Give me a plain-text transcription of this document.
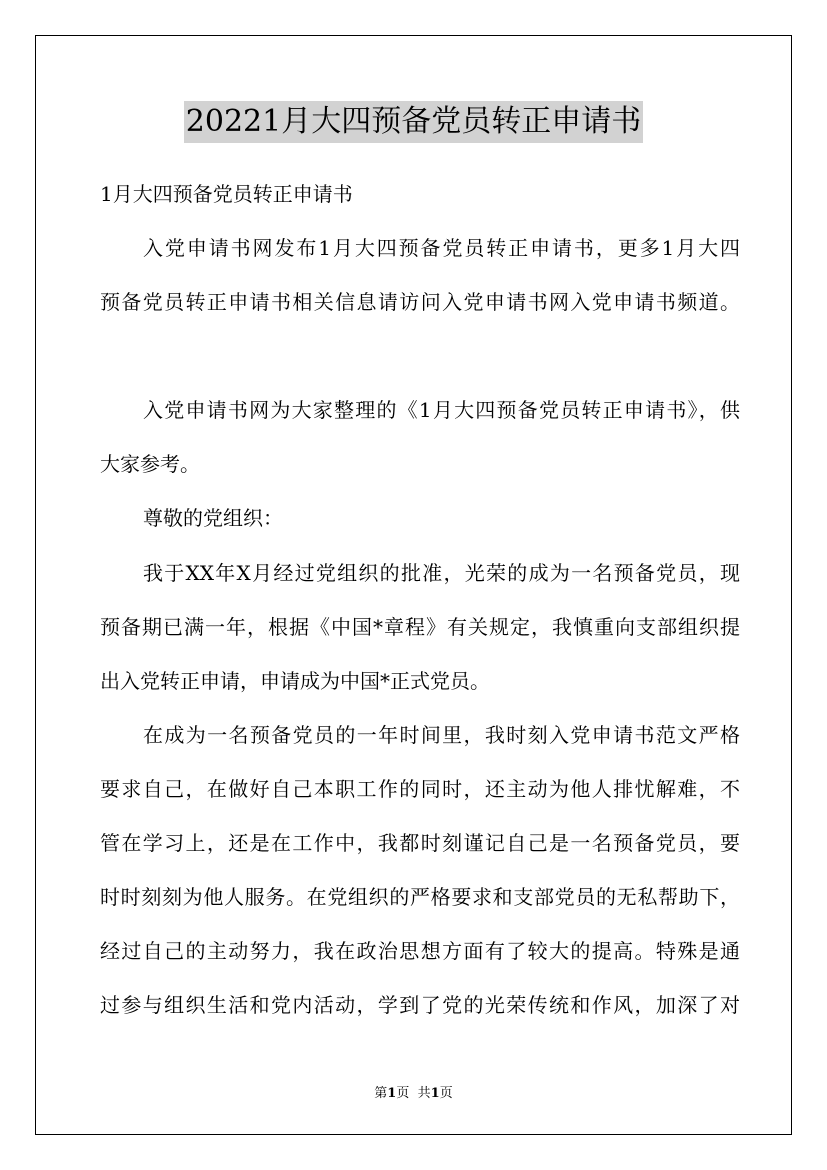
20221月大四预备党员转正申请书

1月大四预备党员转正申请书

入党申请书网发布1月大四预备党员转正申请书，更多1月大四

预备党员转正申请书相关信息请访问入党申请书网入党申请书频道。

入党申请书网为大家整理的《1月大四预备党员转正申请书》，供

大家参考。

尊敬的党组织：

我于XX年X月经过党组织的批准，光荣的成为一名预备党员，现

预备期已满一年，根据《中国*章程》有关规定，我慎重向支部组织提

出入党转正申请，申请成为中国*正式党员。

在成为一名预备党员的一年时间里，我时刻入党申请书范文严格

要求自己，在做好自己本职工作的同时，还主动为他人排忧解难，不

管在学习上，还是在工作中，我都时刻谨记自己是一名预备党员，要

时时刻刻为他人服务。在党组织的严格要求和支部党员的无私帮助下，

经过自己的主动努力，我在政治思想方面有了较大的提高。特殊是通

过参与组织生活和党内活动，学到了党的光荣传统和作风，加深了对

第1页 共1页
